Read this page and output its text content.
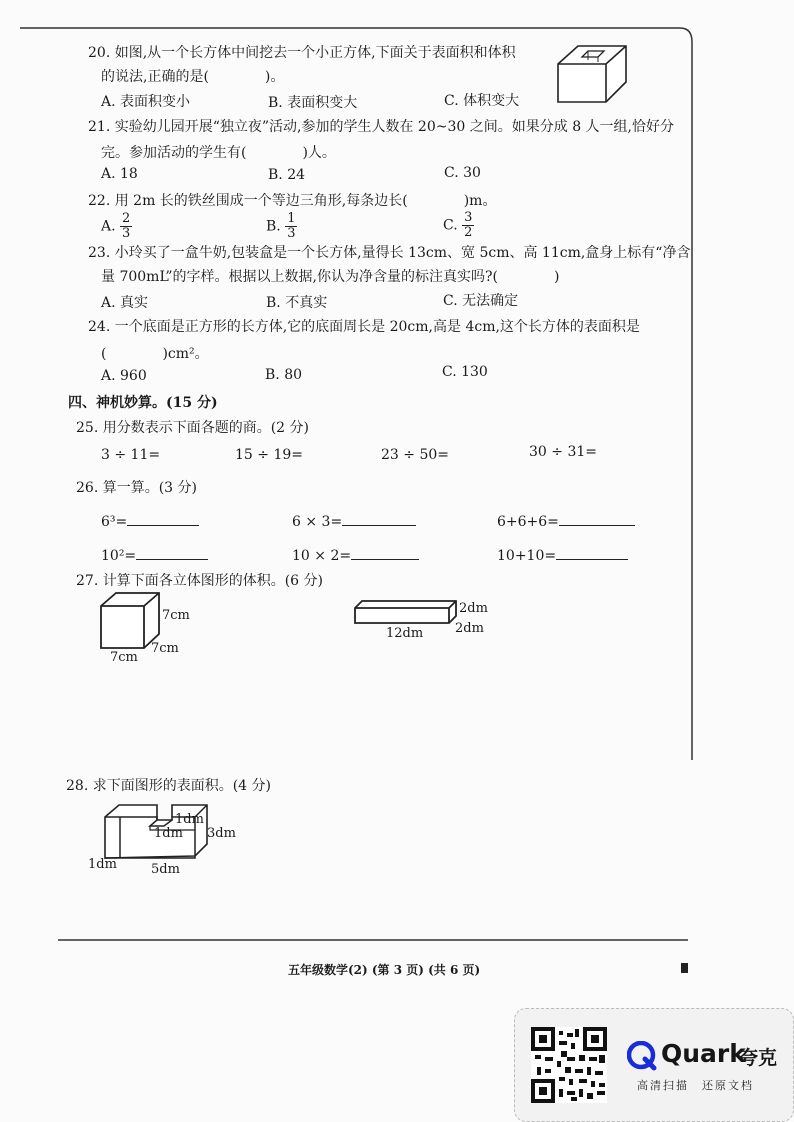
20. 如图,从一个长方体中间挖去一个小正方体,下面关于表面积和体积
的说法,正确的是(　　　　)。
A. 表面积变小	B. 表面积变大	C. 体积变大
21. 实验幼儿园开展“独立夜”活动,参加的学生人数在 20~30 之间。如果分成 8 人一组,恰好分
完。参加活动的学生有(　　　　)人。
A. 18	B. 24	C. 30
22. 用 2m 长的铁丝围成一个等边三角形,每条边长(　　　　)m。
A. $\frac{2}{3}$	B. $\frac{1}{3}$	C. $\frac{3}{2}$
23. 小玲买了一盒牛奶,包装盒是一个长方体,量得长 13cm、宽 5cm、高 11cm,盒身上标有“净含
量 700mL”的字样。根据以上数据,你认为净含量的标注真实吗?(　　　　)
A. 真实	B. 不真实	C. 无法确定
24. 一个底面是正方形的长方体,它的底面周长是 20cm,高是 4cm,这个长方体的表面积是
(　　　　)cm²。
A. 960	B. 80	C. 130
四、神机妙算。(15 分)
25. 用分数表示下面各题的商。(2 分)
3 ÷ 11=	15 ÷ 19=	23 ÷ 50=	30 ÷ 31=
26. 算一算。(3 分)
6³=	6 × 3=	6+6+6=
10²=	10 × 2=	10+10=
27. 计算下面各立体图形的体积。(6 分)
7cm
7cm
7cm
2dm
2dm
12dm
28. 求下面图形的表面积。(4 分)
1dm
1dm 3dm
1dm	5dm
五年级数学(2) (第 3 页) (共 6 页)
Quark
夸克
高清扫描　还原文档
